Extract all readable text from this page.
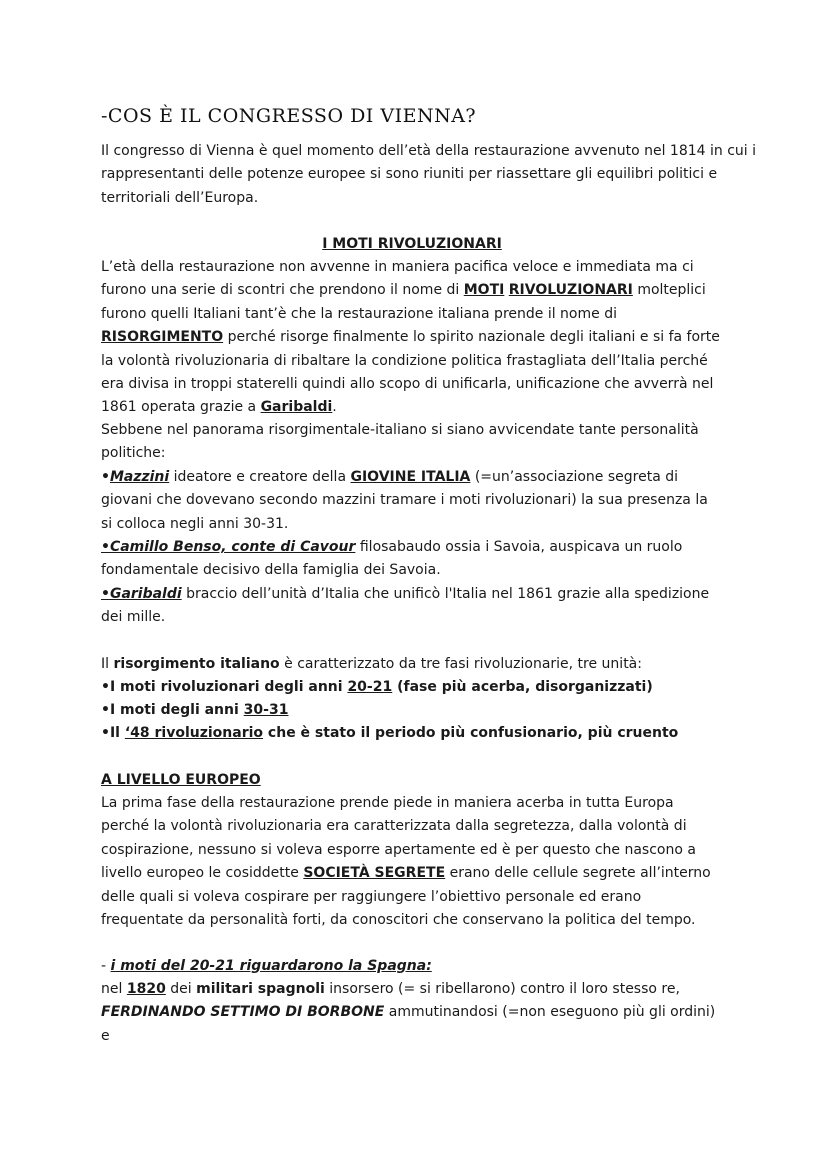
-COS È IL CONGRESSO DI VIENNA?

Il congresso di Vienna è quel momento dell’età della restaurazione avvenuto nel 1814 in cui i rappresentanti delle potenze europee si sono riuniti per riassettare gli equilibri politici e territoriali dell’Europa.

I MOTI RIVOLUZIONARI

L’età della restaurazione non avvenne in maniera pacifica veloce e immediata ma ci furono una serie di scontri che prendono il nome di MOTI RIVOLUZIONARI molteplici furono quelli Italiani tant’è che la restaurazione italiana prende il nome di RISORGIMENTO perché risorge finalmente lo spirito nazionale degli italiani e si fa forte la volontà rivoluzionaria di ribaltare la condizione politica frastagliata dell’Italia perché era divisa in troppi staterelli quindi allo scopo di unificarla, unificazione che avverrà nel 1861 operata grazie a Garibaldi.

Sebbene nel panorama risorgimentale-italiano si siano avvicendate tante personalità politiche:

•Mazzini ideatore e creatore della GIOVINE ITALIA (=un’associazione segreta di giovani che dovevano secondo mazzini tramare i moti rivoluzionari) la sua presenza la si colloca negli anni 30-31.

•Camillo Benso, conte di Cavour filosabaudo ossia i Savoia, auspicava un ruolo fondamentale decisivo della famiglia dei Savoia.

•Garibaldi braccio dell’unità d’Italia che unificò l'Italia nel 1861 grazie alla spedizione dei mille.

Il risorgimento italiano è caratterizzato da tre fasi rivoluzionarie, tre unità:

•I moti rivoluzionari degli anni 20-21 (fase più acerba, disorganizzati)

•I moti degli anni 30-31

•Il ‘48 rivoluzionario che è stato il periodo più confusionario, più cruento

A LIVELLO EUROPEO

La prima fase della restaurazione prende piede in maniera acerba in tutta Europa perché la volontà rivoluzionaria era caratterizzata dalla segretezza, dalla volontà di cospirazione, nessuno si voleva esporre apertamente ed è per questo che nascono a livello europeo le cosiddette SOCIETÀ SEGRETE erano delle cellule segrete all’interno delle quali si voleva cospirare per raggiungere l’obiettivo personale ed erano frequentate da personalità forti, da conoscitori che conservano la politica del tempo.

- i moti del 20-21 riguardarono la Spagna:

nel 1820 dei militari spagnoli insorsero (= si ribellarono) contro il loro stesso re, FERDINANDO SETTIMO DI BORBONE ammutinandosi (=non eseguono più gli ordini) e
